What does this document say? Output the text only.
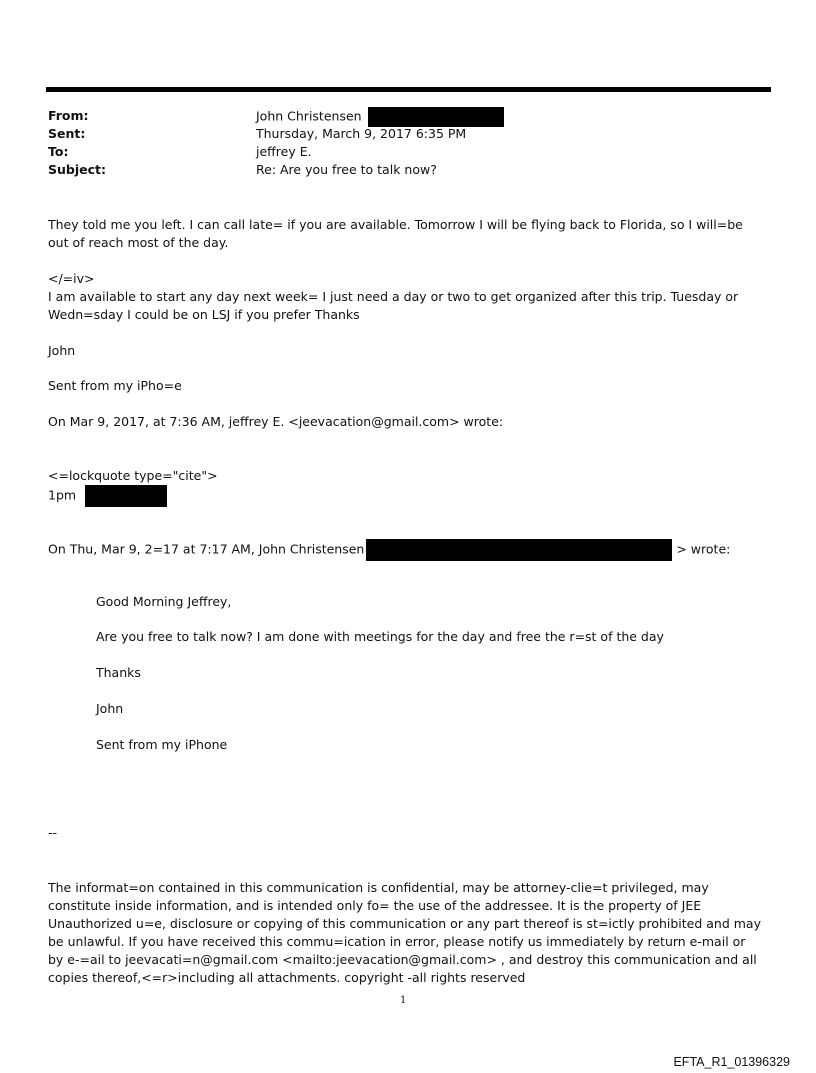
From:	John Christensen
Sent:	Thursday, March 9, 2017 6:35 PM
To:	jeffrey E.
Subject:	Re: Are you free to talk now?

They told me you left. I can call late= if you are available. Tomorrow I will be flying back to Florida, so I will=be out of reach most of the day.

</=iv>

I am available to start any day next week= I just need a day or two to get organized after this trip. Tuesday or Wedn=sday I could be on LSJ if you prefer Thanks

John

Sent from my iPho=e

On Mar 9, 2017, at 7:36 AM, jeffrey E. <jeevacation@gmail.com> wrote:

<=lockquote type="cite">

1pm
On Thu, Mar 9, 2=17 at 7:17 AM, John Christensen	> wrote:

Good Morning Jeffrey,

Are you free to talk now? I am done with meetings for the day and free the r=st of the day

Thanks

John

Sent from my iPhone

--

The informat=on contained in this communication is confidential, may be attorney-clie=t privileged, may constitute inside information, and is intended only fo= the use of the addressee. It is the property of JEE Unauthorized u=e, disclosure or copying of this communication or any part thereof is st=ictly prohibited and may be unlawful. If you have received this commu=ication in error, please notify us immediately by return e-mail or by e-=ail to jeevacati=n@gmail.com <mailto:jeevacation@gmail.com> , and destroy this communication and all copies thereof,<=r>including all attachments. copyright -all rights reserved

1
EFTA_R1_01396329
